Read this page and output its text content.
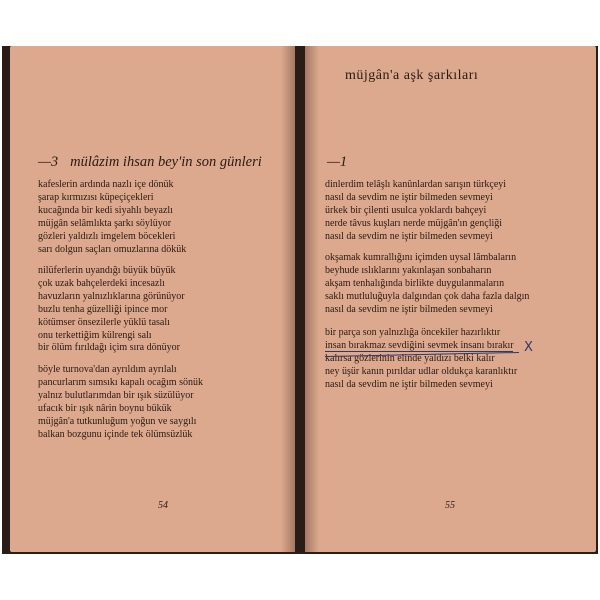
—3 mülâzim ihsan bey'in son günleri
kafeslerin ardında nazlı içe dönük
şarap kırmızısı küpeçiçekleri
kucağında bir kedi siyahlı beyazlı
müjgân selâmlıkta şarkı söylüyor
gözleri yaldızlı imgelem böcekleri
sarı dolgun saçları omuzlarına dökük
nilüferlerin uyandığı büyük büyük
çok uzak bahçelerdeki incesazlı
havuzların yalnızlıklarına görünüyor
buzlu tenha güzelliği ipince mor
kötümser önsezilerle yüklü tasalı
onu terkettiğim külrengi salı
bir ölüm fırıldağı içim sıra dönüyor
böyle turnova'dan ayrıldım ayrılalı
pancurlarım sımsıkı kapalı ocağım sönük
yalnız bulutlarımdan bir ışık süzülüyor
ufacık bir ışık nârin boynu bükük
müjgân'a tutkunluğum yoğun ve saygılı
balkan bozgunu içinde tek ölümsüzlük
54
müjgân'a aşk şarkıları
—1
dinlerdim telâşlı kanûnlardan sarışın türkçeyi
nasıl da sevdim ne iştir bilmeden sevmeyi
ürkek bir çilenti usulca yoklardı bahçeyi
nerde tâvus kuşları nerde müjgân'ın gençliği
nasıl da sevdim ne iştir bilmeden sevmeyi
okşamak kumrallığını içimden uysal lâmbaların
beyhude ıslıklarını yakınlaşan sonbaharın
akşam tenhalığında birlikte duygulanmaların
saklı mutluluğuyla dalgından çok daha fazla dalgın
nasıl da sevdim ne iştir bilmeden sevmeyi
bir parça son yalnızlığa öncekiler hazırlıktır
insan bırakmaz sevdiğini sevmek insanı bırakır
kalırsa gözlerinin elinde yaldızı belki kalır
ney üşür kanın pırıldar udlar oldukça karanlıktır
nasıl da sevdim ne iştir bilmeden sevmeyi
X
55
